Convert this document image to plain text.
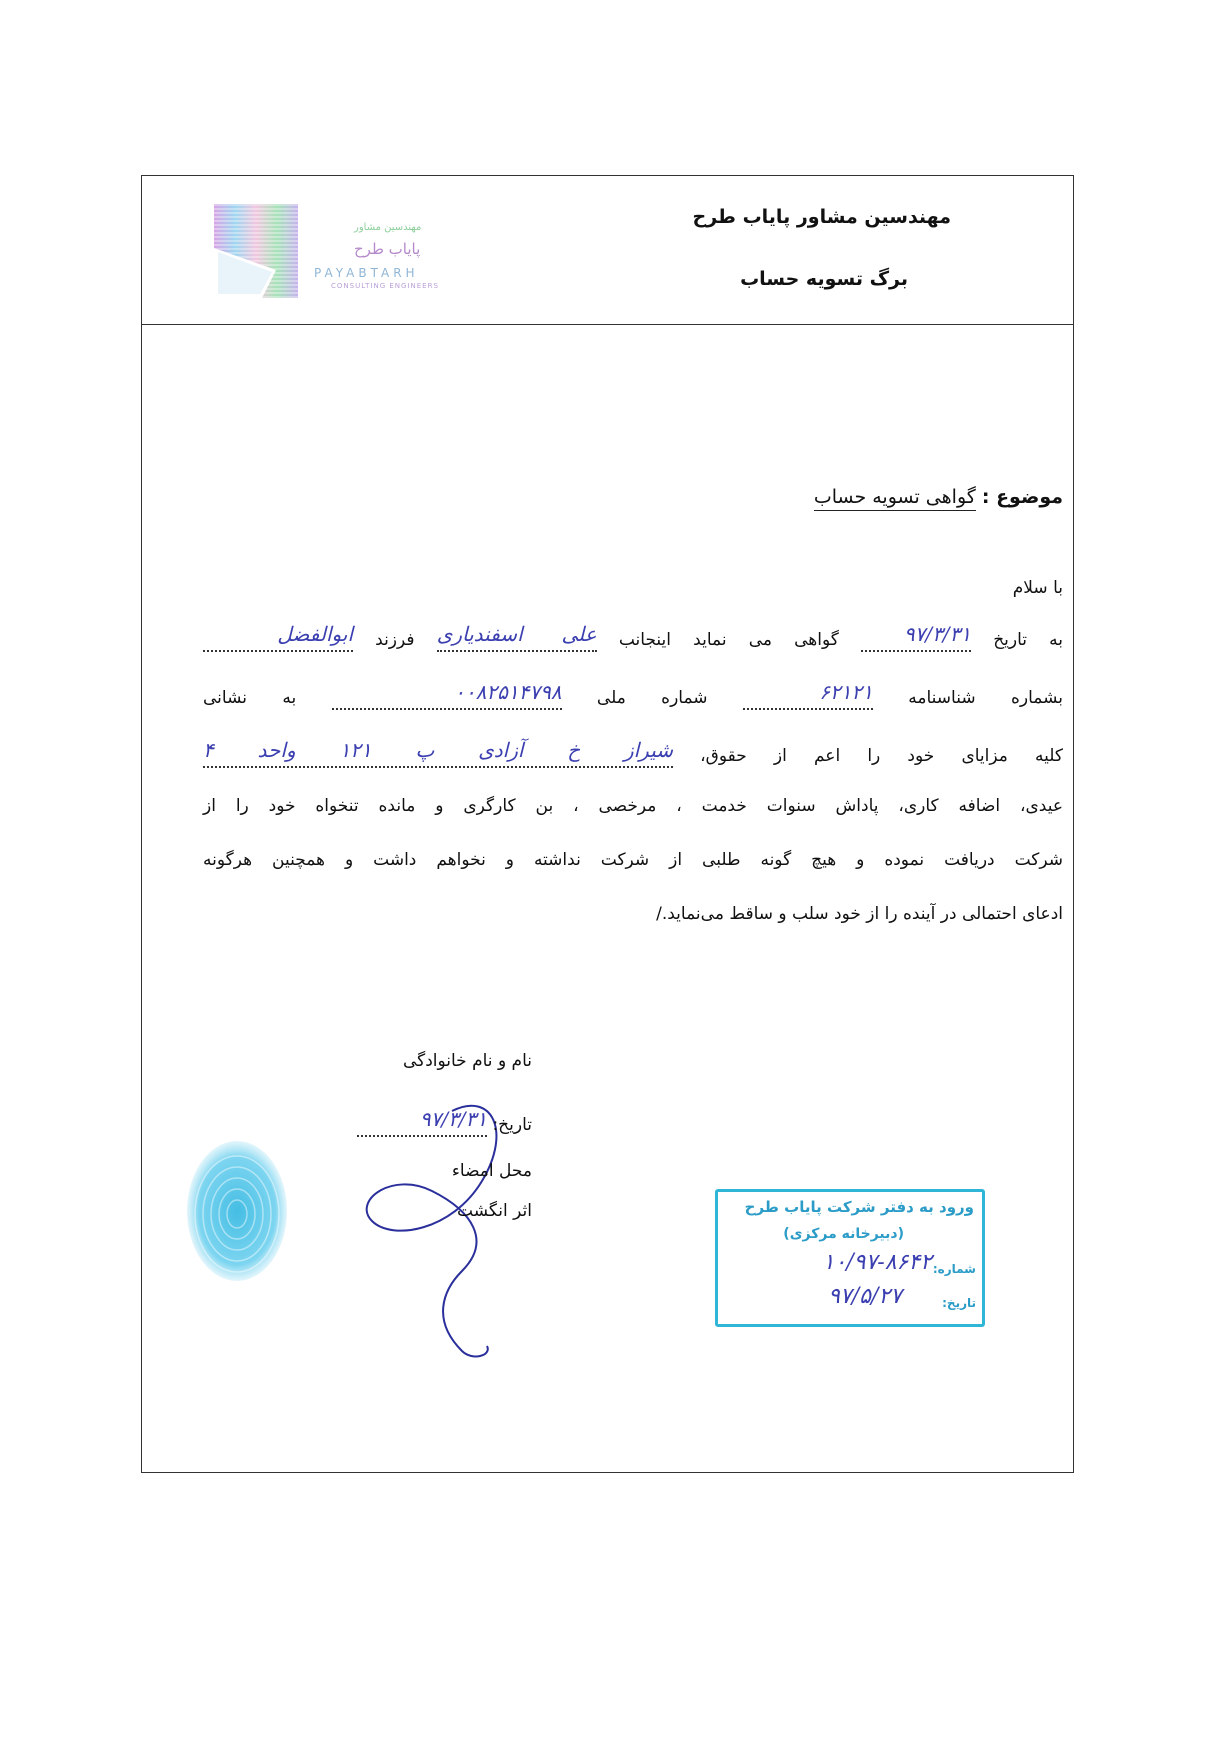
مهندسین مشاور
پایاب طرح
PAYABTARH
CONSULTING ENGINEERS
مهندسین مشاور پایاب طرح
برگ تسویه حساب
موضوع : گواهی تسویه حساب
با سلام
به تاریخ ۹۷/۳/۳۱ گواهی می نماید اینجانب علی اسفندیاری فرزند ابوالفضل
بشماره شناسنامه ۶۲۱۲۱ شماره ملی ۰۰۸۲۵۱۴۷۹۸ به نشانی
کلیه مزایای خود را اعم از حقوق، شیراز خ آزادی پ ۱۲۱ واحد ۴
عیدی، اضافه کاری، پاداش سنوات خدمت ، مرخصی ، بن کارگری و مانده تنخواه خود را از
شرکت دریافت نموده و هیچ گونه طلبی از شرکت نداشته و نخواهم داشت و همچنین هرگونه
ادعای احتمالی در آینده را از خود سلب و ساقط می‌نماید./
نام و نام خانوادگی
تاریخ: ۹۷/۳/۳۱
محل امضاء
اثر انگشت	ورود به دفتر شرکت پایاب طرح
(دبیرخانه مرکزی)
شماره:
۱۰/۹۷-۸۶۴۲
تاریخ:
۹۷/۵/۲۷
